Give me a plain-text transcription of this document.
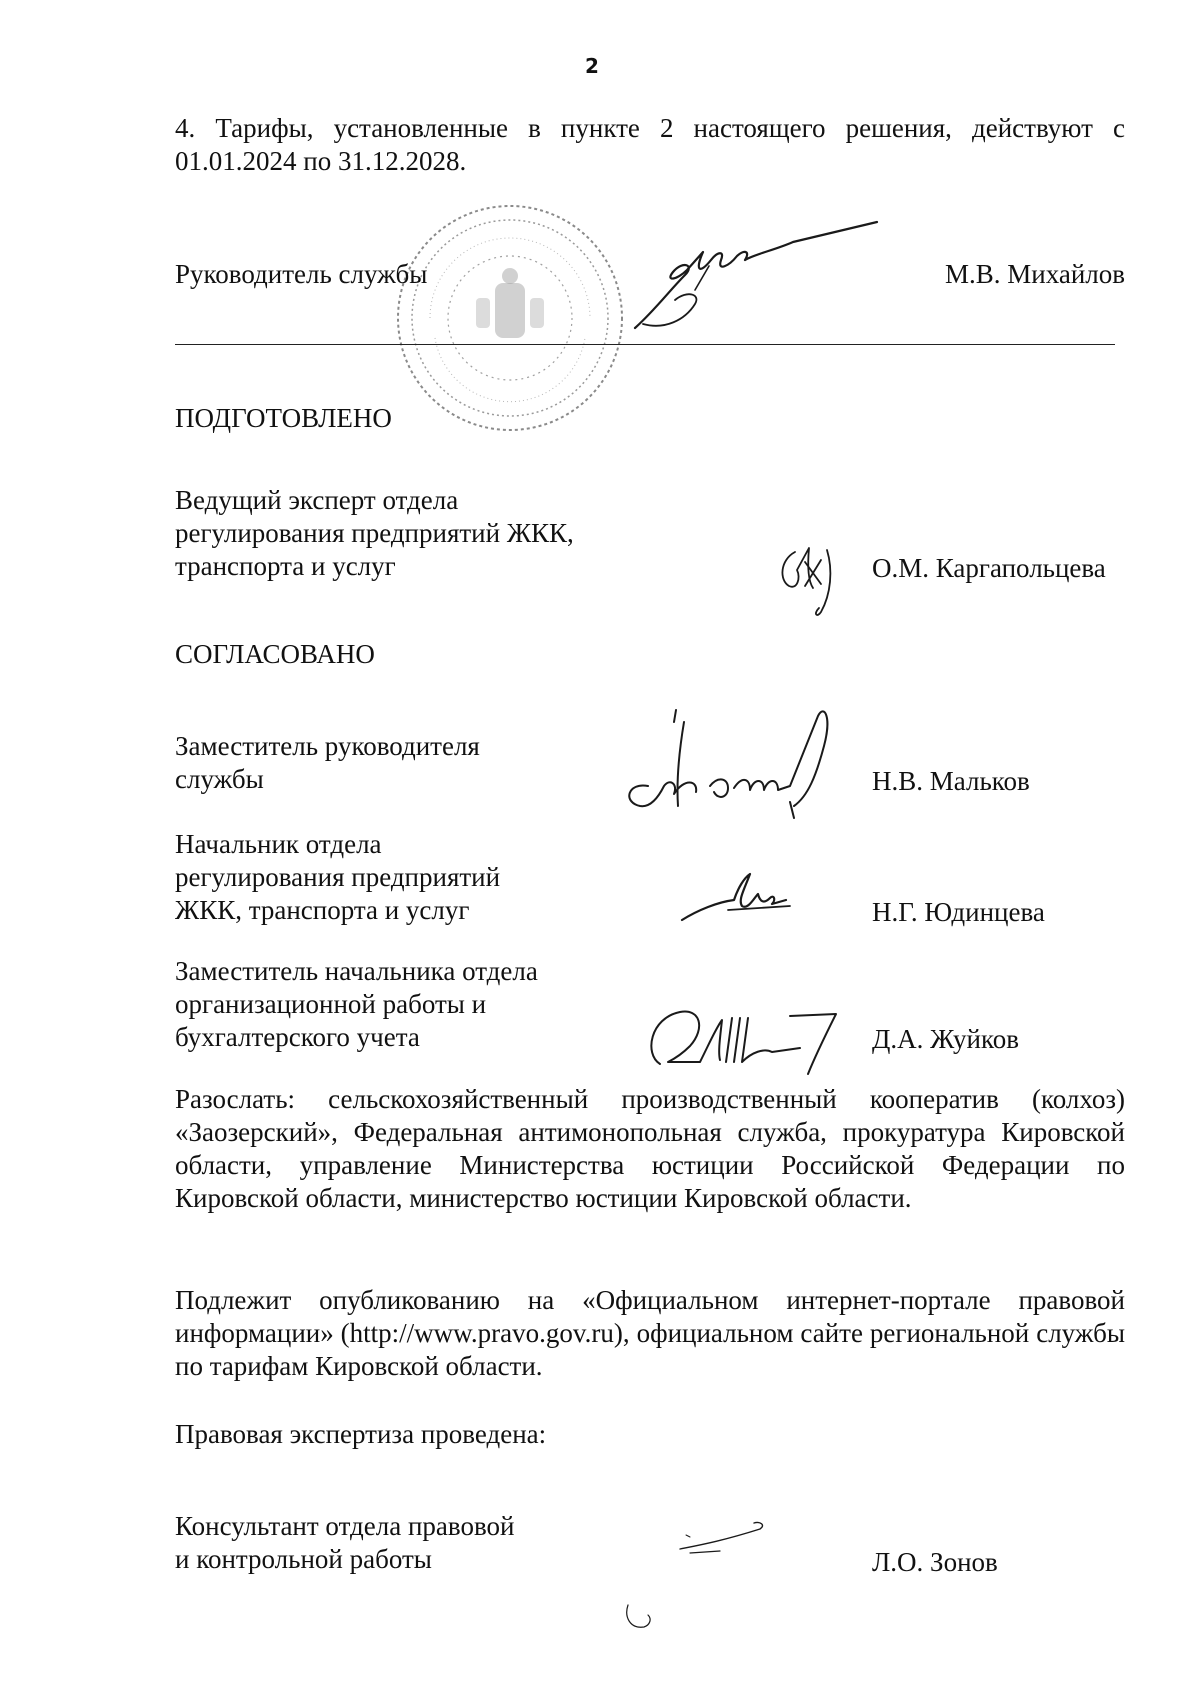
2
4. Тарифы, установленные в пункте 2 настоящего решения, действуют с 01.01.2024 по 31.12.2028.
Руководитель службы	М.В. Михайлов
ПОДГОТОВЛЕНО
Ведущий эксперт отдела
регулирования предприятий ЖКК,
транспорта и услуг	О.М. Каргапольцева
СОГЛАСОВАНО
Заместитель руководителя
службы	Н.В. Мальков
Начальник отдела
регулирования предприятий
ЖКК, транспорта и услуг	Н.Г. Юдинцева
Заместитель начальника отдела
организационной работы и
бухгалтерского учета	Д.А. Жуйков
Разослать: сельскохозяйственный производственный кооператив (колхоз) «Заозерский», Федеральная антимонопольная служба, прокуратура Кировской области, управление Министерства юстиции Российской Федерации по Кировской области, министерство юстиции Кировской области.
Подлежит опубликованию на «Официальном интернет-портале правовой информации» (http://www.pravo.gov.ru), официальном сайте региональной службы по тарифам Кировской области.
Правовая экспертиза проведена:
Консультант отдела правовой
и контрольной работы	Л.О. Зонов
